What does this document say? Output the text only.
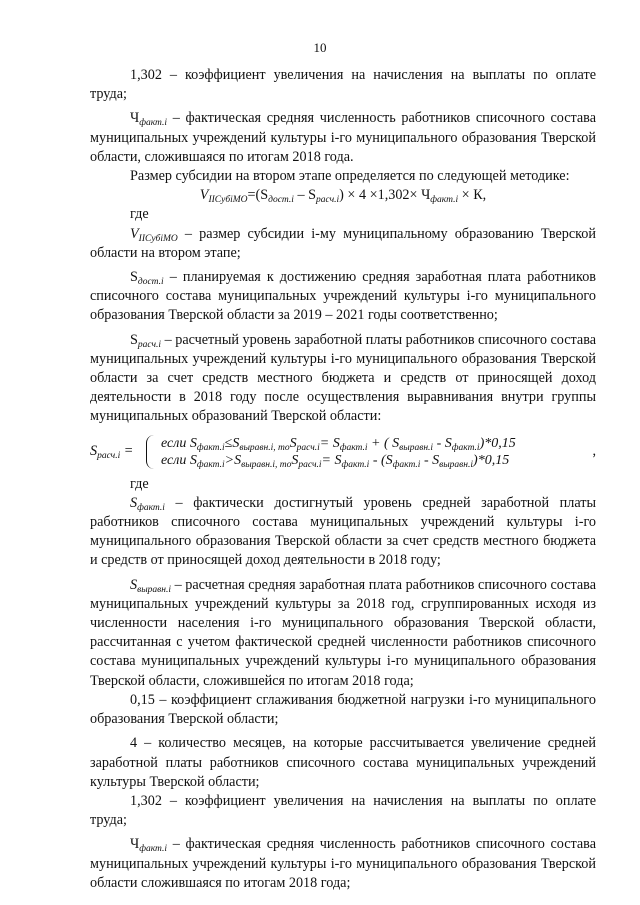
10

1,302 – коэффициент увеличения на начисления на выплаты по оплате труда;

$Ч_{факт.i}$ – фактическая средняя численность работников списочного состава муниципальных учреждений культуры i-го муниципального образования Тверской области, сложившаяся по итогам 2018 года.

Размер субсидии на втором этапе определяется по следующей методике:

$V_{IIСубiМО}=(S_{дост.i} - S_{расч.i}) \times 4 \times 1,302\times Ч_{факт.i} \times К$,

где

$V_{IIСубiМО}$ – размер субсидии i-му муниципальному образованию Тверской области на втором этапе;

$S_{дост.i}$ – планируемая к достижению средняя заработная плата работников списочного состава муниципальных учреждений культуры i-го муниципального образования Тверской области за 2019 – 2021 годы соответственно;

$S_{расч.i}$ – расчетный уровень заработной платы работников списочного состава муниципальных учреждений культуры i-го муниципального образования Тверской области за счет средств местного бюджета и средств от приносящей доход деятельности в 2018 году после осуществления выравнивания внутри группы муниципальных образований Тверской области:

$S_{расч.i}$ =	если $S_{факт.i}\le S_{выравн.i, то}S_{расч.i}= S_{факт.i}$ + ( $S_{выравн.i} - S_{факт.i})*0,15$
если $S_{факт.i}>S_{выравн.i, то}S_{расч.i}= S_{факт.i} - (S_{факт.i} - S_{выравн.i})*0,15$
,

где

$S_{факт.i}$ – фактически достигнутый уровень средней заработной платы работников списочного состава муниципальных учреждений культуры i-го муниципального образования Тверской области за счет средств местного бюджета и средств от приносящей доход деятельности в 2018 году;

$S_{выравн.i}$ – расчетная средняя заработная плата работников списочного состава муниципальных учреждений культуры за 2018 год, сгруппированных исходя из численности населения i-го муниципального образования Тверской области, рассчитанная с учетом фактической средней численности работников списочного состава муниципальных учреждений культуры i-го муниципального образования Тверской области, сложившейся по итогам 2018 года;

0,15 – коэффициент сглаживания бюджетной нагрузки i-го муниципального образования Тверской области;

4 – количество месяцев, на которые рассчитывается увеличение средней заработной платы работников списочного состава муниципальных учреждений культуры Тверской области;

1,302 – коэффициент увеличения на начисления на выплаты по оплате труда;

$Ч_{факт.i}$ – фактическая средняя численность работников списочного состава муниципальных учреждений культуры i-го муниципального образования Тверской области сложившаяся по итогам 2018 года;
